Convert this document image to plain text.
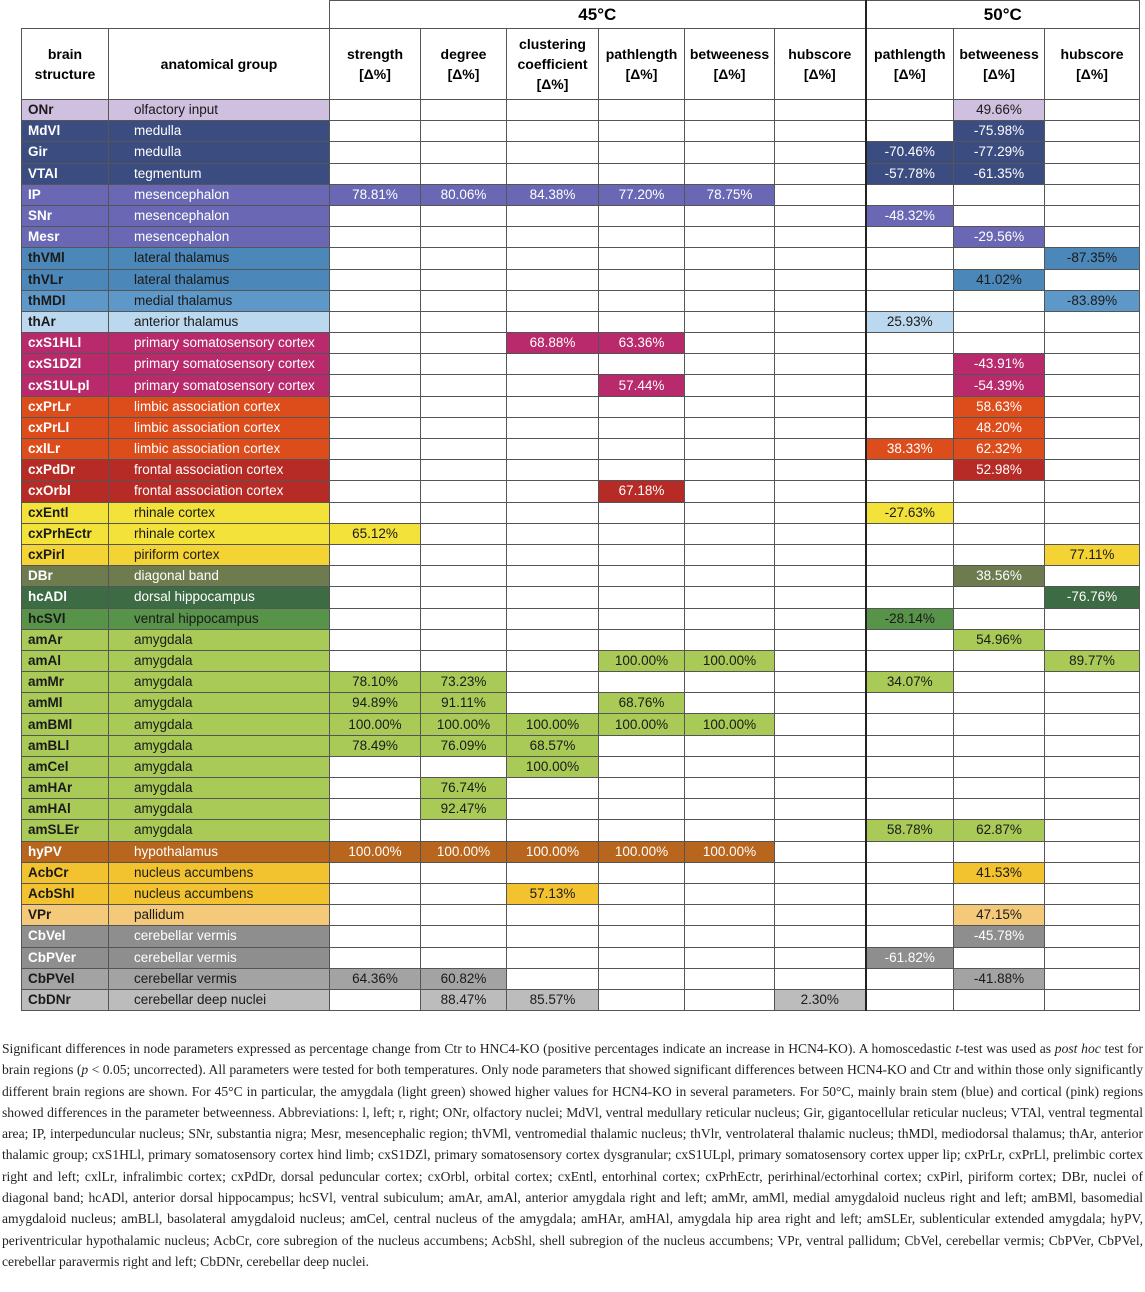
		45°C						50°C		
brain structure	anatomical group	strength [Δ%]	degree [Δ%]	clustering coefficient [Δ%]	pathlength [Δ%]	betweeness [Δ%]	hubscore [Δ%]	pathlength [Δ%]	betweeness [Δ%]	hubscore [Δ%]
ONr	olfactory input								49.66%	
MdVl	medulla								-75.98%	
Gir	medulla							-70.46%	-77.29%	
VTAl	tegmentum							-57.78%	-61.35%	
IP	mesencephalon	78.81%	80.06%	84.38%	77.20%	78.75%				
SNr	mesencephalon							-48.32%		
Mesr	mesencephalon								-29.56%	
thVMl	lateral thalamus									-87.35%
thVLr	lateral thalamus								41.02%	
thMDl	medial thalamus									-83.89%
thAr	anterior thalamus							25.93%		
cxS1HLl	primary somatosensory cortex			68.88%	63.36%					
cxS1DZl	primary somatosensory cortex								-43.91%	
cxS1ULpl	primary somatosensory cortex				57.44%				-54.39%	
cxPrLr	limbic association cortex								58.63%	
cxPrLl	limbic association cortex								48.20%	
cxlLr	limbic association cortex							38.33%	62.32%	
cxPdDr	frontal association cortex								52.98%	
cxOrbl	frontal association cortex				67.18%					
cxEntl	rhinale cortex							-27.63%		
cxPrhEctr	rhinale cortex	65.12%								
cxPirl	piriform cortex									77.11%
DBr	diagonal band								38.56%	
hcADl	dorsal hippocampus									-76.76%
hcSVl	ventral hippocampus							-28.14%		
amAr	amygdala								54.96%	
amAl	amygdala				100.00%	100.00%				89.77%
amMr	amygdala	78.10%	73.23%					34.07%		
amMl	amygdala	94.89%	91.11%		68.76%					
amBMl	amygdala	100.00%	100.00%	100.00%	100.00%	100.00%				
amBLl	amygdala	78.49%	76.09%	68.57%						
amCel	amygdala			100.00%						
amHAr	amygdala		76.74%							
amHAl	amygdala		92.47%							
amSLEr	amygdala							58.78%	62.87%	
hyPV	hypothalamus	100.00%	100.00%	100.00%	100.00%	100.00%				
AcbCr	nucleus accumbens								41.53%	
AcbShl	nucleus accumbens			57.13%						
VPr	pallidum								47.15%	
CbVel	cerebellar vermis								-45.78%	
CbPVer	cerebellar vermis							-61.82%		
CbPVel	cerebellar vermis	64.36%	60.82%						-41.88%	
CbDNr	cerebellar deep nuclei		88.47%	85.57%			2.30%			
Significant differences in node parameters expressed as percentage change from Ctr to HNC4-KO (positive percentages indicate an increase in HCN4-KO). A homoscedastic t-test was used as post hoc test for brain regions (p < 0.05; uncorrected). All parameters were tested for both temperatures. Only node parameters that showed significant differences between HCN4-KO and Ctr and within those only significantly different brain regions are shown. For 45°C in particular, the amygdala (light green) showed higher values for HCN4-KO in several parameters. For 50°C, mainly brain stem (blue) and cortical (pink) regions showed differences in the parameter betweenness. Abbreviations: l, left; r, right; ONr, olfactory nuclei; MdVl, ventral medullary reticular nucleus; Gir, gigantocellular reticular nucleus; VTAl, ventral tegmental area; IP, interpeduncular nucleus; SNr, substantia nigra; Mesr, mesencephalic region; thVMl, ventromedial thalamic nucleus; thVlr, ventrolateral thalamic nucleus; thMDl, mediodorsal thalamus; thAr, anterior thalamic group; cxS1HLl, primary somatosensory cortex hind limb; cxS1DZl, primary somatosensory cortex dysgranular; cxS1ULpl, primary somatosensory cortex upper lip; cxPrLr, cxPrLl, prelimbic cortex right and left; cxlLr, infralimbic cortex; cxPdDr, dorsal peduncular cortex; cxOrbl, orbital cortex; cxEntl, entorhinal cortex; cxPrhEctr, perirhinal/ectorhinal cortex; cxPirl, piriform cortex; DBr, nuclei of diagonal band; hcADl, anterior dorsal hippocampus; hcSVl, ventral subiculum; amAr, amAl, anterior amygdala right and left; amMr, amMl, medial amygdaloid nucleus right and left; amBMl, basomedial amygdaloid nucleus; amBLl, basolateral amygdaloid nucleus; amCel, central nucleus of the amygdala; amHAr, amHAl, amygdala hip area right and left; amSLEr, sublenticular extended amygdala; hyPV, periventricular hypothalamic nucleus; AcbCr, core subregion of the nucleus accumbens; AcbShl, shell subregion of the nucleus accumbens; VPr, ventral pallidum; CbVel, cerebellar vermis; CbPVer, CbPVel, cerebellar paravermis right and left; CbDNr, cerebellar deep nuclei.
